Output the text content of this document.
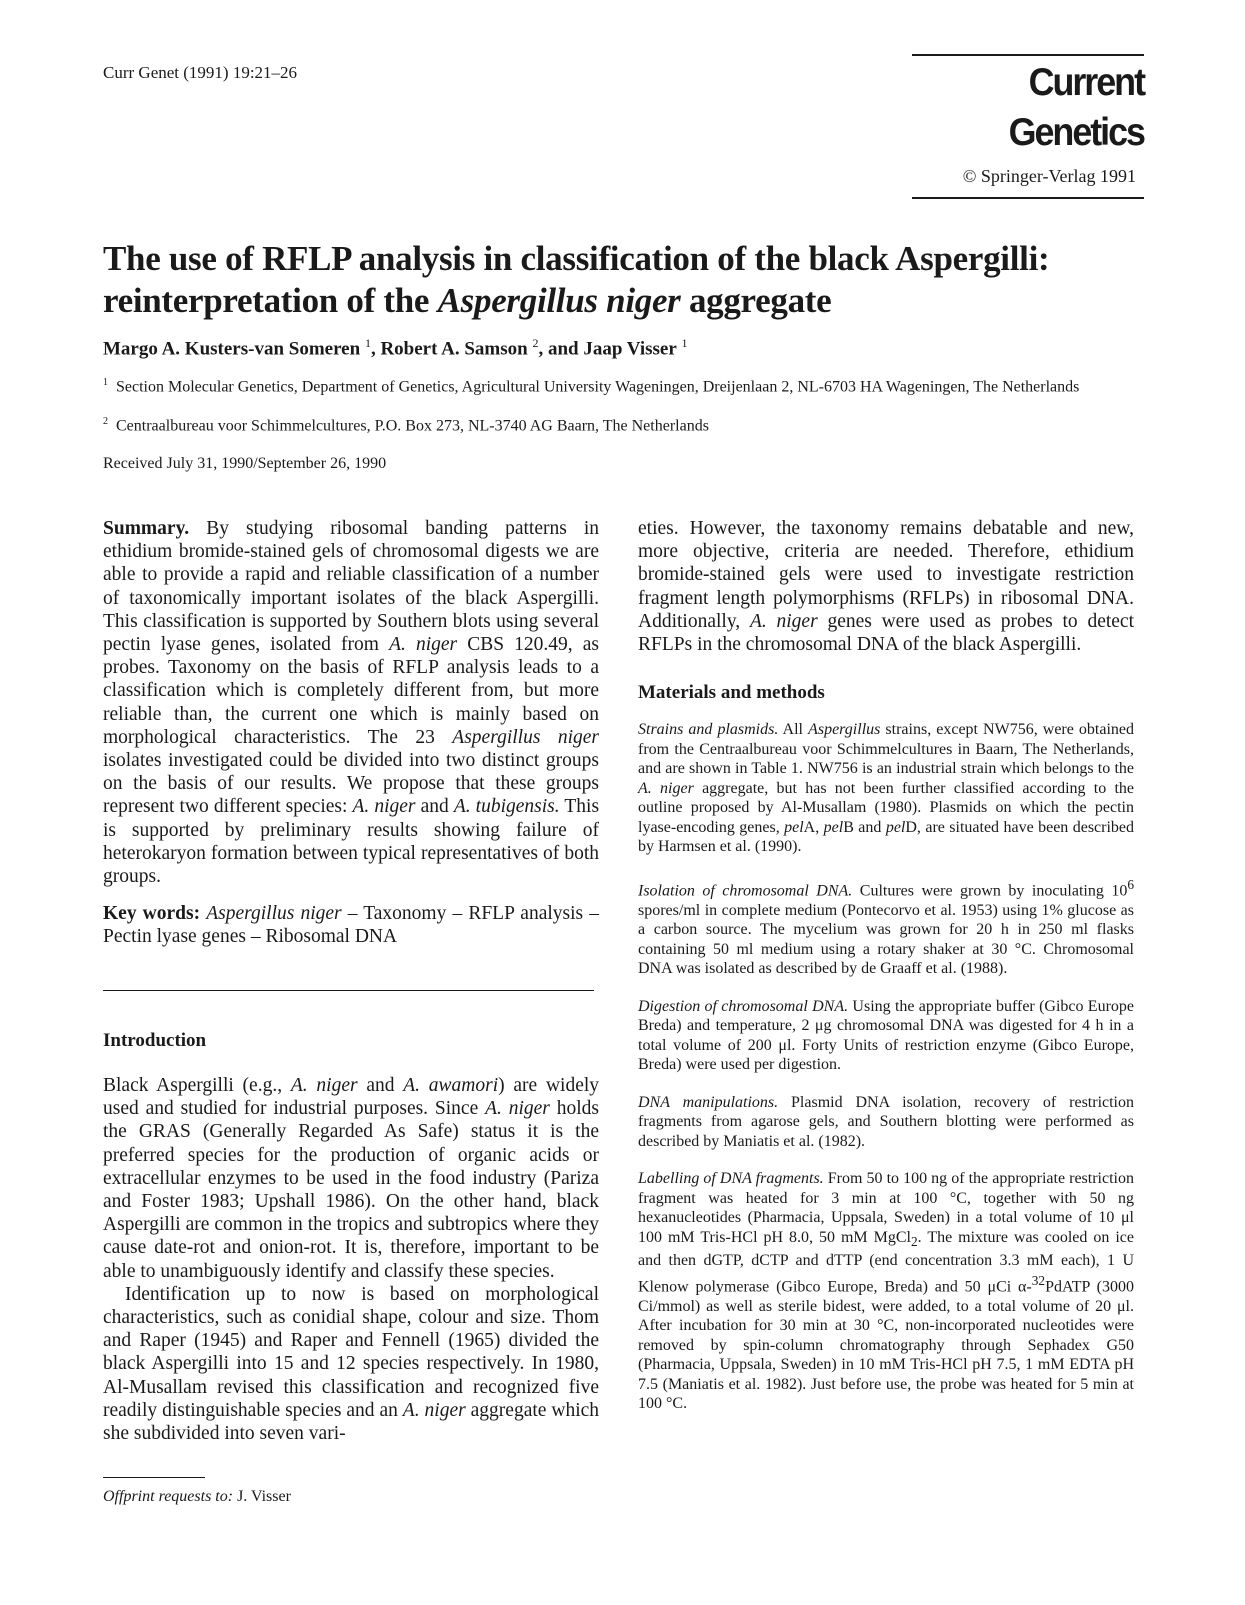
Curr Genet (1991) 19:21–26	Current Genetics
© Springer-Verlag 1991
The use of RFLP analysis in classification of the black Aspergilli:
reinterpretation of the Aspergillus niger aggregate
Margo A. Kusters-van Someren $^1$, Robert A. Samson $^2$, and Jaap Visser $^1$
$^1$ Section Molecular Genetics, Department of Genetics, Agricultural University Wageningen, Dreijenlaan 2, NL-6703 HA Wageningen, The Netherlands
$^2$ Centraalbureau voor Schimmelcultures, P.O. Box 273, NL-3740 AG Baarn, The Netherlands
Received July 31, 1990/September 26, 1990

Summary. By studying ribosomal banding patterns in ethidium bromide-stained gels of chromosomal digests we are able to provide a rapid and reliable classification of a number of taxonomically important isolates of the black Aspergilli. This classification is supported by Southern blots using several pectin lyase genes, isolated from A. niger CBS 120.49, as probes. Taxonomy on the basis of RFLP analysis leads to a classification which is completely different from, but more reliable than, the current one which is mainly based on morphological characteristics. The 23 Aspergillus niger isolates investigated could be divided into two distinct groups on the basis of our results. We propose that these groups represent two different species: A. niger and A. tubigensis. This is supported by preliminary results showing failure of heterokaryon formation between typical representatives of both groups.

Key words: Aspergillus niger – Taxonomy – RFLP analysis – Pectin lyase genes – Ribosomal DNA

Introduction

Black Aspergilli (e.g., A. niger and A. awamori) are widely used and studied for industrial purposes. Since A. niger holds the GRAS (Generally Regarded As Safe) status it is the preferred species for the production of organic acids or extracellular enzymes to be used in the food industry (Pariza and Foster 1983; Upshall 1986). On the other hand, black Aspergilli are common in the tropics and subtropics where they cause date-rot and onion-rot. It is, therefore, important to be able to unambiguously identify and classify these species.

Identification up to now is based on morphological characteristics, such as conidial shape, colour and size. Thom and Raper (1945) and Raper and Fennell (1965) divided the black Aspergilli into 15 and 12 species respectively. In 1980, Al-Musallam revised this classification and recognized five readily distinguishable species and an A. niger aggregate which she subdivided into seven vari-

Offprint requests to: J. Visser

eties. However, the taxonomy remains debatable and new, more objective, criteria are needed. Therefore, ethidium bromide-stained gels were used to investigate restriction fragment length polymorphisms (RFLPs) in ribosomal DNA. Additionally, A. niger genes were used as probes to detect RFLPs in the chromosomal DNA of the black Aspergilli.

Materials and methods

Strains and plasmids. All Aspergillus strains, except NW756, were obtained from the Centraalbureau voor Schimmelcultures in Baarn, The Netherlands, and are shown in Table 1. NW756 is an industrial strain which belongs to the A. niger aggregate, but has not been further classified according to the outline proposed by Al-Musallam (1980). Plasmids on which the pectin lyase-encoding genes, pelA, pelB and pelD, are situated have been described by Harmsen et al. (1990).

Isolation of chromosomal DNA. Cultures were grown by inoculating $10^6$ spores/ml in complete medium (Pontecorvo et al. 1953) using 1% glucose as a carbon source. The mycelium was grown for 20 h in 250 ml flasks containing 50 ml medium using a rotary shaker at 30 °C. Chromosomal DNA was isolated as described by de Graaff et al. (1988).

Digestion of chromosomal DNA. Using the appropriate buffer (Gibco Europe Breda) and temperature, 2 μg chromosomal DNA was digested for 4 h in a total volume of 200 μl. Forty Units of restriction enzyme (Gibco Europe, Breda) were used per digestion.

DNA manipulations. Plasmid DNA isolation, recovery of restriction fragments from agarose gels, and Southern blotting were performed as described by Maniatis et al. (1982).

Labelling of DNA fragments. From 50 to 100 ng of the appropriate restriction fragment was heated for 3 min at 100 °C, together with 50 ng hexanucleotides (Pharmacia, Uppsala, Sweden) in a total volume of 10 μl 100 mM Tris-HCl pH 8.0, 50 mM MgCl$_2$. The mixture was cooled on ice and then dGTP, dCTP and dTTP (end concentration 3.3 mM each), 1 U Klenow polymerase (Gibco Europe, Breda) and 50 μCi α-$^{32}$PdATP (3000 Ci/mmol) as well as sterile bidest, were added, to a total volume of 20 μl. After incubation for 30 min at 30 °C, non-incorporated nucleotides were removed by spin-column chromatography through Sephadex G50 (Pharmacia, Uppsala, Sweden) in 10 mM Tris-HCl pH 7.5, 1 mM EDTA pH 7.5 (Maniatis et al. 1982). Just before use, the probe was heated for 5 min at 100 °C.
